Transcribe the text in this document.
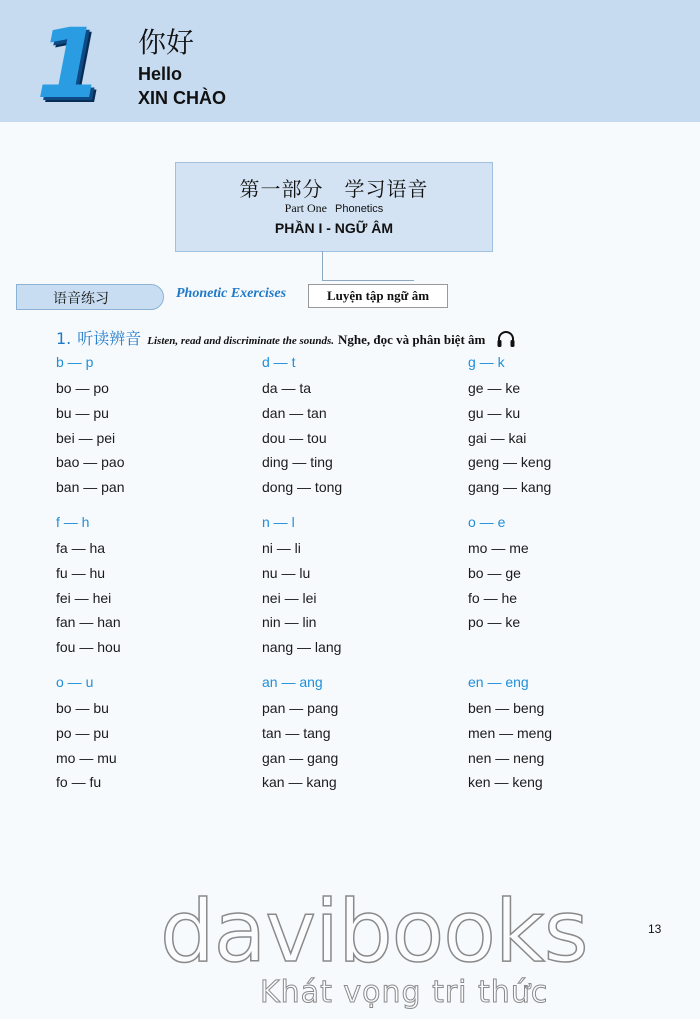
1 你好
Hello
XIN CHÀO
第一部分　学习语音
Part One Phonetics
PHẦN I - NGỮ ÂM
语音练习	Phonetic Exercises	Luyện tập ngữ âm
1. 听读辨音 Listen, read and discriminate the sounds. Nghe, đọc và phân biệt âm
b — p
bo — po
bu — pu
bei — pei
bao — pao
ban — pan
d — t
da — ta
dan — tan
dou — tou
ding — ting
dong — tong
g — k
ge — ke
gu — ku
gai — kai
geng — keng
gang — kang
f — h
fa — ha
fu — hu
fei — hei
fan — han
fou — hou
n — l
ni — li
nu — lu
nei — lei
nin — lin
nang — lang
o — e
mo — me
bo — ge
fo — he
po — ke
o — u
bo — bu
po — pu
mo — mu
fo — fu
an — ang
pan — pang
tan — tang
gan — gang
kan — kang
en — eng
ben — beng
men — meng
nen — neng
ken — keng
13
davibooks
Khát vọng tri thức
